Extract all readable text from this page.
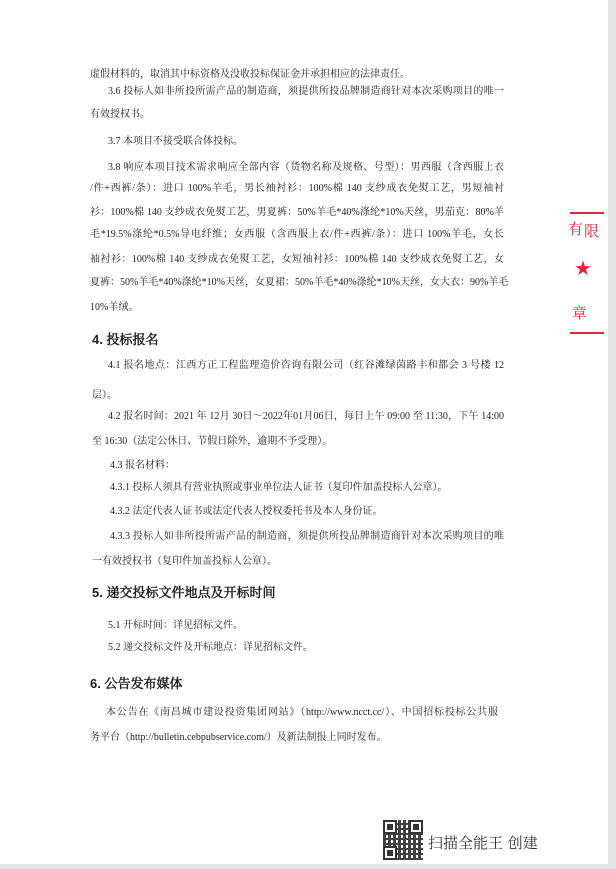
虚假材料的，取消其中标资格及没收投标保证金并承担相应的法律责任。
3.6 投标人如非所投所需产品的制造商，须提供所投品牌制造商针对本次采购项目的唯一
有效授权书。
3.7 本项目不接受联合体投标。
3.8 响应本项目技术需求响应全部内容（货物名称及规格、号型）：男西服（含西服上衣
/件+西裤/条）：进口 100%羊毛，男长袖衬衫：100%棉 140 支纱成衣免熨工艺，男短袖衬
衫：100%棉 140 支纱成衣免熨工艺，男夏裤：50%羊毛*40%涤纶*10%天丝，男茄克：80%羊
毛*19.5%涤纶*0.5%导电纤维；女西服（含西服上衣/件+西裤/条）：进口 100%羊毛，女长
袖衬衫：100%棉 140 支纱成衣免熨工艺，女短袖衬衫：100%棉 140 支纱成衣免熨工艺，女
夏裤：50%羊毛*40%涤纶*10%天丝，女夏裙：50%羊毛*40%涤纶*10%天丝，女大衣：90%羊毛
10%羊绒。
4. 投标报名
4.1 报名地点：江西方正工程监理造价咨询有限公司（红谷滩绿茵路丰和都会 3 号楼 12
层）。
4.2 报名时间：2021 年 12月 30日～2022年01月06日，每日上午 09:00 至 11:30，下午 14:00
至 16:30（法定公休日、节假日除外，逾期不予受理）。
4.3 报名材料：
4.3.1 投标人须具有营业执照或事业单位法人证书（复印件加盖投标人公章）。
4.3.2 法定代表人证书或法定代表人授权委托书及本人身份证。
4.3.3 投标人如非所投所需产品的制造商，须提供所投品牌制造商针对本次采购项目的唯
一有效授权书（复印件加盖投标人公章）。
5. 递交投标文件地点及开标时间
5.1 开标时间：详见招标文件。
5.2 递交投标文件及开标地点：详见招标文件。
6. 公告发布媒体
本公告在《南昌城市建设投资集团网站》（http://www.ncct.cc/）、中国招标投标公共服
务平台（http://bulletin.cebpubservice.com/）及新法制报上同时发布。
有 限
★
章
扫描全能王 创建
